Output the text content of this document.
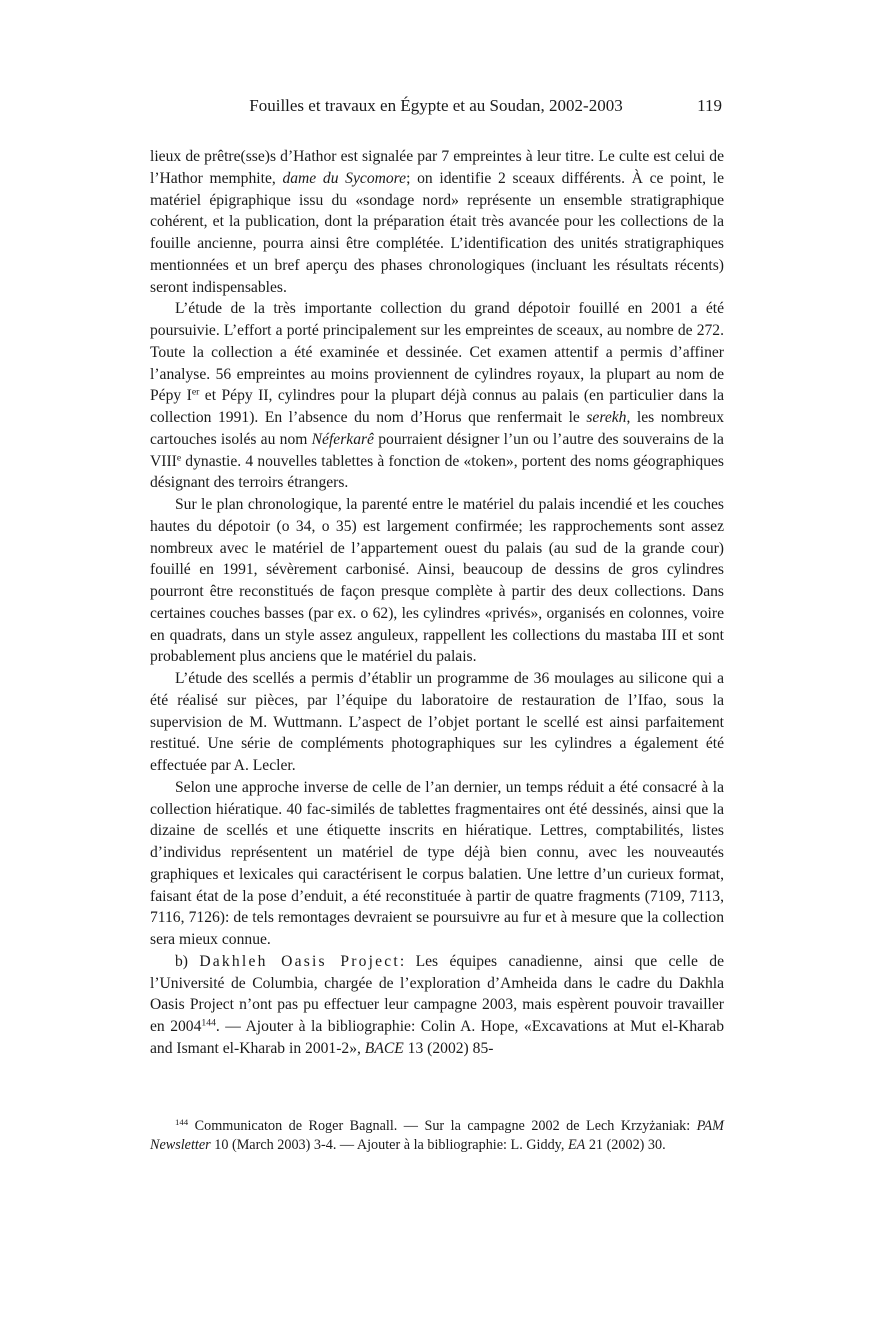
Fouilles et travaux en Égypte et au Soudan, 2002-2003	119

lieux de prêtre(sse)s d’Hathor est signalée par 7 empreintes à leur titre. Le culte est celui de l’Hathor memphite, dame du Sycomore; on identifie 2 sceaux différents. À ce point, le matériel épigraphique issu du «sondage nord» représente un ensemble stratigraphique cohérent, et la publication, dont la préparation était très avancée pour les collections de la fouille ancienne, pourra ainsi être complétée. L’identification des unités stratigraphiques mentionnées et un bref aperçu des phases chronologiques (incluant les résultats récents) seront indispensables.

L’étude de la très importante collection du grand dépotoir fouillé en 2001 a été poursuivie. L’effort a porté principalement sur les empreintes de sceaux, au nombre de 272. Toute la collection a été examinée et dessinée. Cet examen attentif a permis d’affiner l’analyse. 56 empreintes au moins proviennent de cylindres royaux, la plupart au nom de Pépy Ier et Pépy II, cylindres pour la plupart déjà connus au palais (en particulier dans la collection 1991). En l’absence du nom d’Horus que renfermait le serekh, les nombreux cartouches isolés au nom Néferkarê pourraient désigner l’un ou l’autre des souverains de la VIIIe dynastie. 4 nouvelles tablettes à fonction de «token», portent des noms géographiques désignant des terroirs étrangers.

Sur le plan chronologique, la parenté entre le matériel du palais incendié et les couches hautes du dépotoir (o 34, o 35) est largement confirmée; les rapprochements sont assez nombreux avec le matériel de l’appartement ouest du palais (au sud de la grande cour) fouillé en 1991, sévèrement carbonisé. Ainsi, beaucoup de dessins de gros cylindres pourront être reconstitués de façon presque complète à partir des deux collections. Dans certaines couches basses (par ex. o 62), les cylindres «privés», organisés en colonnes, voire en quadrats, dans un style assez anguleux, rappellent les collections du mastaba III et sont probablement plus anciens que le matériel du palais.

L’étude des scellés a permis d’établir un programme de 36 moulages au silicone qui a été réalisé sur pièces, par l’équipe du laboratoire de restauration de l’Ifao, sous la supervision de M. Wuttmann. L’aspect de l’objet portant le scellé est ainsi parfaitement restitué. Une série de compléments photographiques sur les cylindres a également été effectuée par A. Lecler.

Selon une approche inverse de celle de l’an dernier, un temps réduit a été consacré à la collection hiératique. 40 fac-similés de tablettes fragmentaires ont été dessinés, ainsi que la dizaine de scellés et une étiquette inscrits en hiératique. Lettres, comptabilités, listes d’individus représentent un matériel de type déjà bien connu, avec les nouveautés graphiques et lexicales qui caractérisent le corpus balatien. Une lettre d’un curieux format, faisant état de la pose d’enduit, a été reconstituée à partir de quatre fragments (7109, 7113, 7116, 7126): de tels remontages devraient se poursuivre au fur et à mesure que la collection sera mieux connue.

b) Dakhleh Oasis Project: Les équipes canadienne, ainsi que celle de l’Université de Columbia, chargée de l’exploration d’Amheida dans le cadre du Dakhla Oasis Project n’ont pas pu effectuer leur campagne 2003, mais espèrent pouvoir travailler en 2004$^{144}$. — Ajouter à la bibliographie: Colin A. Hope, «Excavations at Mut el-Kharab and Ismant el-Kharab in 2001-2», BACE 13 (2002) 85-

$^{144}$ Communicaton de Roger Bagnall. — Sur la campagne 2002 de Lech Krzyżaniak: PAM Newsletter 10 (March 2003) 3-4. — Ajouter à la bibliographie: L. Giddy, EA 21 (2002) 30.
